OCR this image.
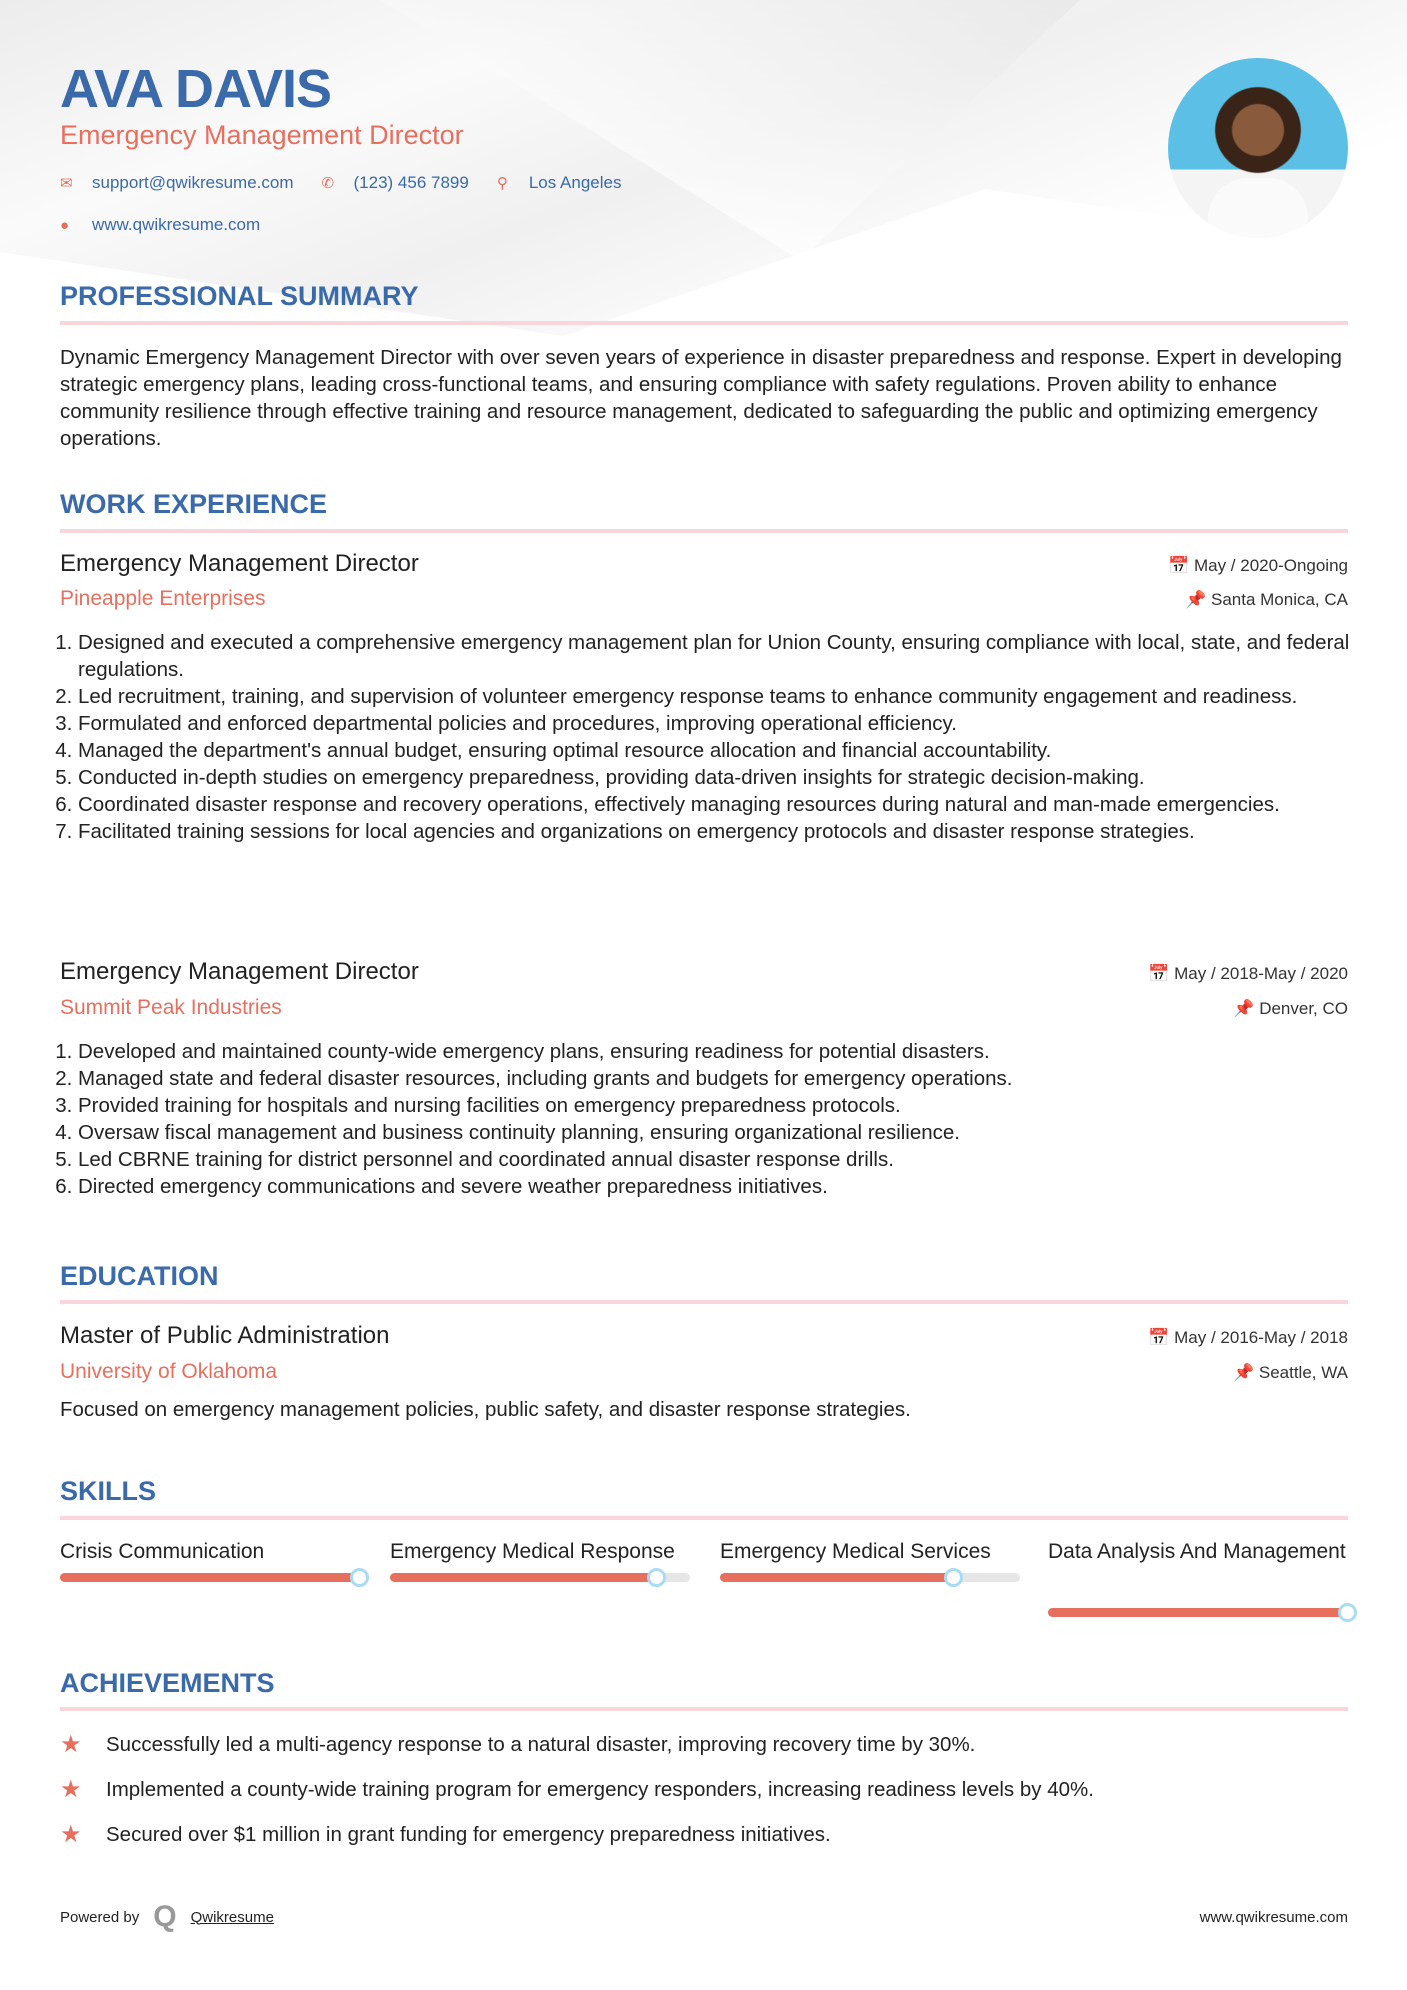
AVA DAVIS
Emergency Management Director
✉	support@qwikresume.com ✆	(123) 456 7899 ⚲	Los Angeles
●	www.qwikresume.com
PROFESSIONAL SUMMARY
Dynamic Emergency Management Director with over seven years of experience in disaster preparedness and response. Expert in developing strategic emergency plans, leading cross-functional teams, and ensuring compliance with safety regulations. Proven ability to enhance community resilience through effective training and resource management, dedicated to safeguarding the public and optimizing emergency operations.
WORK EXPERIENCE
Emergency Management Director	📅 May / 2020-Ongoing
Pineapple Enterprises	📌 Santa Monica, CA
1. Designed and executed a comprehensive emergency management plan for Union County, ensuring compliance with local, state, and federal regulations.
2. Led recruitment, training, and supervision of volunteer emergency response teams to enhance community engagement and readiness.
3. Formulated and enforced departmental policies and procedures, improving operational efficiency.
4. Managed the department's annual budget, ensuring optimal resource allocation and financial accountability.
5. Conducted in-depth studies on emergency preparedness, providing data-driven insights for strategic decision-making.
6. Coordinated disaster response and recovery operations, effectively managing resources during natural and man-made emergencies.
7. Facilitated training sessions for local agencies and organizations on emergency protocols and disaster response strategies.
Emergency Management Director	📅 May / 2018-May / 2020
Summit Peak Industries	📌 Denver, CO
1. Developed and maintained county-wide emergency plans, ensuring readiness for potential disasters.
2. Managed state and federal disaster resources, including grants and budgets for emergency operations.
3. Provided training for hospitals and nursing facilities on emergency preparedness protocols.
4. Oversaw fiscal management and business continuity planning, ensuring organizational resilience.
5. Led CBRNE training for district personnel and coordinated annual disaster response drills.
6. Directed emergency communications and severe weather preparedness initiatives.
EDUCATION
Master of Public Administration	📅 May / 2016-May / 2018
University of Oklahoma	📌 Seattle, WA
Focused on emergency management policies, public safety, and disaster response strategies.
SKILLS
Crisis Communication	Emergency Medical Response	Emergency Medical Services	Data Analysis And Management
ACHIEVEMENTS
★	Successfully led a multi-agency response to a natural disaster, improving recovery time by 30%.
★	Implemented a county-wide training program for emergency responders, increasing readiness levels by 40%.
★	Secured over $1 million in grant funding for emergency preparedness initiatives.
Powered by Q Qwikresume	www.qwikresume.com
